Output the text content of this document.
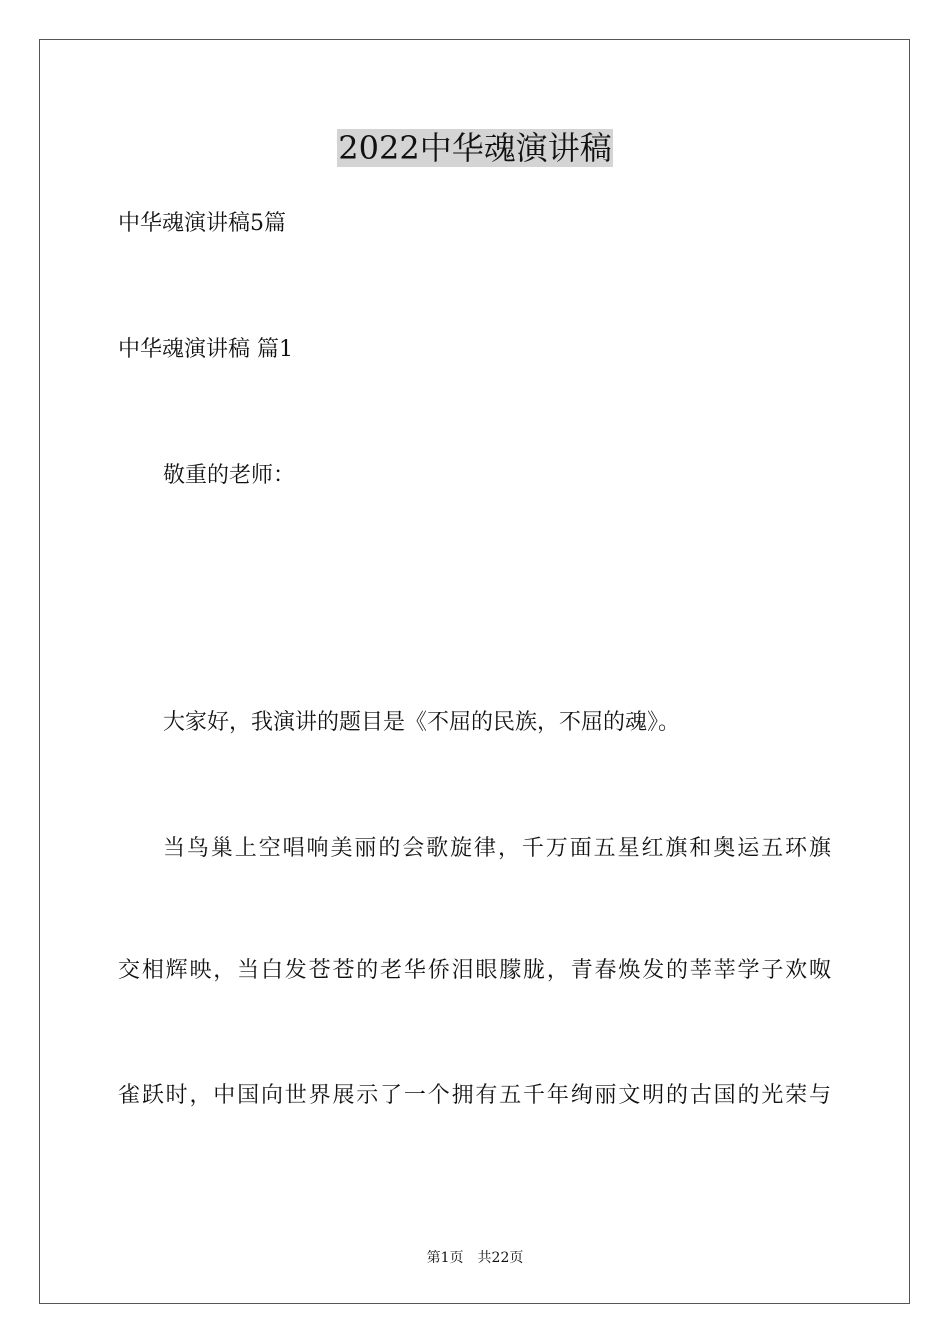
2022中华魂演讲稿
中华魂演讲稿5篇
中华魂演讲稿 篇1
敬重的老师：
大家好，我演讲的题目是《不屈的民族，不屈的魂》。
当鸟巢上空唱响美丽的会歌旋律，千万面五星红旗和奥运五环旗
交相辉映，当白发苍苍的老华侨泪眼朦胧，青春焕发的莘莘学子欢呶
雀跃时，中国向世界展示了一个拥有五千年绚丽文明的古国的光荣与
第1页　共22页
